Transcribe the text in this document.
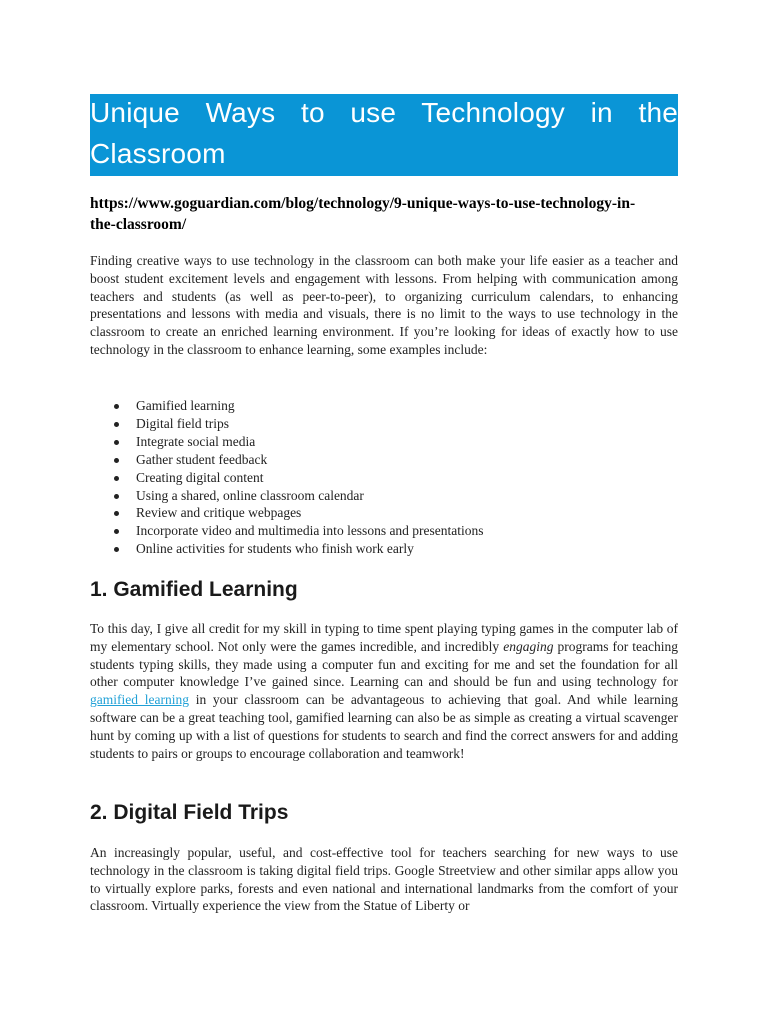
Unique Ways to use Technology in the Classroom

https://www.goguardian.com/blog/technology/9-unique-ways-to-use-technology-in-the-classroom/

Finding creative ways to use technology in the classroom can both make your life easier as a teacher and boost student excitement levels and engagement with lessons. From helping with communication among teachers and students (as well as peer-to-peer), to organizing curriculum calendars, to enhancing presentations and lessons with media and visuals, there is no limit to the ways to use technology in the classroom to create an enriched learning environment. If you’re looking for ideas of exactly how to use technology in the classroom to enhance learning, some examples include:

Gamified learning
Digital field trips
Integrate social media
Gather student feedback
Creating digital content
Using a shared, online classroom calendar
Review and critique webpages
Incorporate video and multimedia into lessons and presentations
Online activities for students who finish work early
1. Gamified Learning

To this day, I give all credit for my skill in typing to time spent playing typing games in the computer lab of my elementary school. Not only were the games incredible, and incredibly engaging programs for teaching students typing skills, they made using a computer fun and exciting for me and set the foundation for all other computer knowledge I’ve gained since. Learning can and should be fun and using technology for gamified learning in your classroom can be advantageous to achieving that goal. And while learning software can be a great teaching tool, gamified learning can also be as simple as creating a virtual scavenger hunt by coming up with a list of questions for students to search and find the correct answers for and adding students to pairs or groups to encourage collaboration and teamwork!

2. Digital Field Trips

An increasingly popular, useful, and cost-effective tool for teachers searching for new ways to use technology in the classroom is taking digital field trips. Google Streetview and other similar apps allow you to virtually explore parks, forests and even national and international landmarks from the comfort of your classroom. Virtually experience the view from the Statue of Liberty or
